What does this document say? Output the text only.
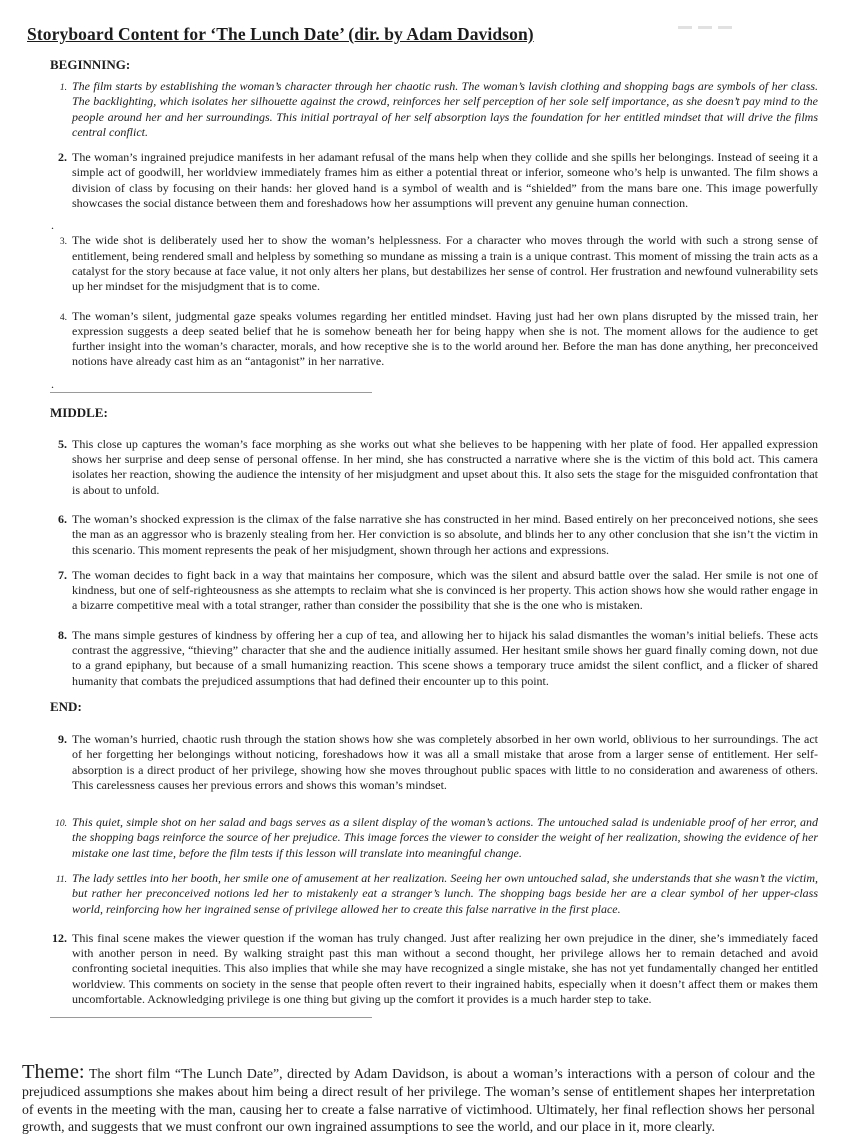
Storyboard Content for ‘The Lunch Date’ (dir. by Adam Davidson)
BEGINNING:
1. The film starts by establishing the woman’s character through her chaotic rush. The woman’s lavish clothing and shopping bags are symbols of her class. The backlighting, which isolates her silhouette against the crowd, reinforces her self perception of her sole self importance, as she doesn’t pay mind to the people around her and her surroundings. This initial portrayal of her self absorption lays the foundation for her entitled mindset that will drive the films central conflict.
2. The woman’s ingrained prejudice manifests in her adamant refusal of the mans help when they collide and she spills her belongings. Instead of seeing it a simple act of goodwill, her worldview immediately frames him as either a potential threat or inferior, someone who’s help is unwanted. The film shows a division of class by focusing on their hands: her gloved hand is a symbol of wealth and is “shielded” from the mans bare one. This image powerfully showcases the social distance between them and foreshadows how her assumptions will prevent any genuine human connection.
.
3. The wide shot is deliberately used her to show the woman’s helplessness. For a character who moves through the world with such a strong sense of entitlement, being rendered small and helpless by something so mundane as missing a train is a unique contrast. This moment of missing the train acts as a catalyst for the story because at face value, it not only alters her plans, but destabilizes her sense of control. Her frustration and newfound vulnerability sets up her mindset for the misjudgment that is to come.
4. The woman’s silent, judgmental gaze speaks volumes regarding her entitled mindset. Having just had her own plans disrupted by the missed train, her expression suggests a deep seated belief that he is somehow beneath her for being happy when she is not. The moment allows for the audience to get further insight into the woman’s character, morals, and how receptive she is to the world around her. Before the man has done anything, her preconceived notions have already cast him as an “antagonist” in her narrative.
.
MIDDLE:
5. This close up captures the woman’s face morphing as she works out what she believes to be happening with her plate of food. Her appalled expression shows her surprise and deep sense of personal offense. In her mind, she has constructed a narrative where she is the victim of this bold act. This camera isolates her reaction, showing the audience the intensity of her misjudgment and upset about this. It also sets the stage for the misguided confrontation that is about to unfold.
6. The woman’s shocked expression is the climax of the false narrative she has constructed in her mind. Based entirely on her preconceived notions, she sees the man as an aggressor who is brazenly stealing from her. Her conviction is so absolute, and blinds her to any other conclusion that she isn’t the victim in this scenario. This moment represents the peak of her misjudgment, shown through her actions and expressions.
7. The woman decides to fight back in a way that maintains her composure, which was the silent and absurd battle over the salad. Her smile is not one of kindness, but one of self-righteousness as she attempts to reclaim what she is convinced is her property. This action shows how she would rather engage in a bizarre competitive meal with a total stranger, rather than consider the possibility that she is the one who is mistaken.
8. The mans simple gestures of kindness by offering her a cup of tea, and allowing her to hijack his salad dismantles the woman’s initial beliefs. These acts contrast the aggressive, “thieving” character that she and the audience initially assumed. Her hesitant smile shows her guard finally coming down, not due to a grand epiphany, but because of a small humanizing reaction. This scene shows a temporary truce amidst the silent conflict, and a flicker of shared humanity that combats the prejudiced assumptions that had defined their encounter up to this point.
END:
9. The woman’s hurried, chaotic rush through the station shows how she was completely absorbed in her own world, oblivious to her surroundings. The act of her forgetting her belongings without noticing, foreshadows how it was all a small mistake that arose from a larger sense of entitlement. Her self-absorption is a direct product of her privilege, showing how she moves throughout public spaces with little to no consideration and awareness of others. This carelessness causes her previous errors and shows this woman’s mindset.
10. This quiet, simple shot on her salad and bags serves as a silent display of the woman’s actions. The untouched salad is undeniable proof of her error, and the shopping bags reinforce the source of her prejudice. This image forces the viewer to consider the weight of her realization, showing the evidence of her mistake one last time, before the film tests if this lesson will translate into meaningful change.
11. The lady settles into her booth, her smile one of amusement at her realization. Seeing her own untouched salad, she understands that she wasn’t the victim, but rather her preconceived notions led her to mistakenly eat a stranger’s lunch. The shopping bags beside her are a clear symbol of her upper-class world, reinforcing how her ingrained sense of privilege allowed her to create this false narrative in the first place.
12. This final scene makes the viewer question if the woman has truly changed. Just after realizing her own prejudice in the diner, she’s immediately faced with another person in need. By walking straight past this man without a second thought, her privilege allows her to remain detached and avoid confronting societal inequities. This also implies that while she may have recognized a single mistake, she has not yet fundamentally changed her entitled worldview. This comments on society in the sense that people often revert to their ingrained habits, especially when it doesn’t affect them or makes them uncomfortable. Acknowledging privilege is one thing but giving up the comfort it provides is a much harder step to take.

Theme: The short film “The Lunch Date”, directed by Adam Davidson, is about a woman’s interactions with a person of colour and the prejudiced assumptions she makes about him being a direct result of her privilege. The woman’s sense of entitlement shapes her interpretation of events in the meeting with the man, causing her to create a false narrative of victimhood. Ultimately, her final reflection shows her personal growth, and suggests that we must confront our own ingrained assumptions to see the world, and our place in it, more clearly.
